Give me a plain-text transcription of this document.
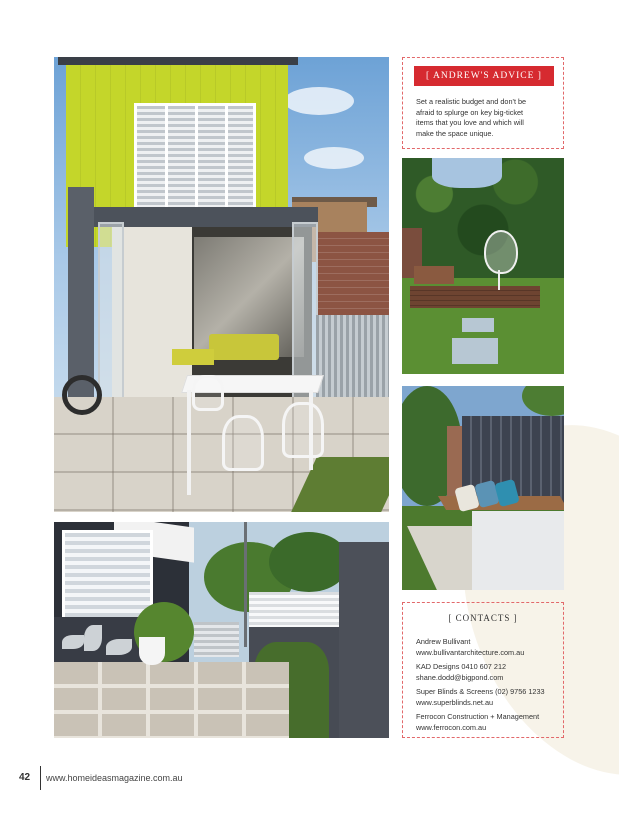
[ ANDREW'S ADVICE ]

Set a realistic budget and don't be
afraid to splurge on key big-ticket
items that you love and which will
make the space unique.

[ CONTACTS ]
Andrew Bullivant
www.bullivantarchitecture.com.au
KAD Designs 0410 607 212
shane.dodd@bigpond.com
Super Blinds & Screens (02) 9756 1233
www.superblinds.net.au
Ferrocon Construction + Management
www.ferrocon.com.au
42 www.homeideasmagazine.com.au
